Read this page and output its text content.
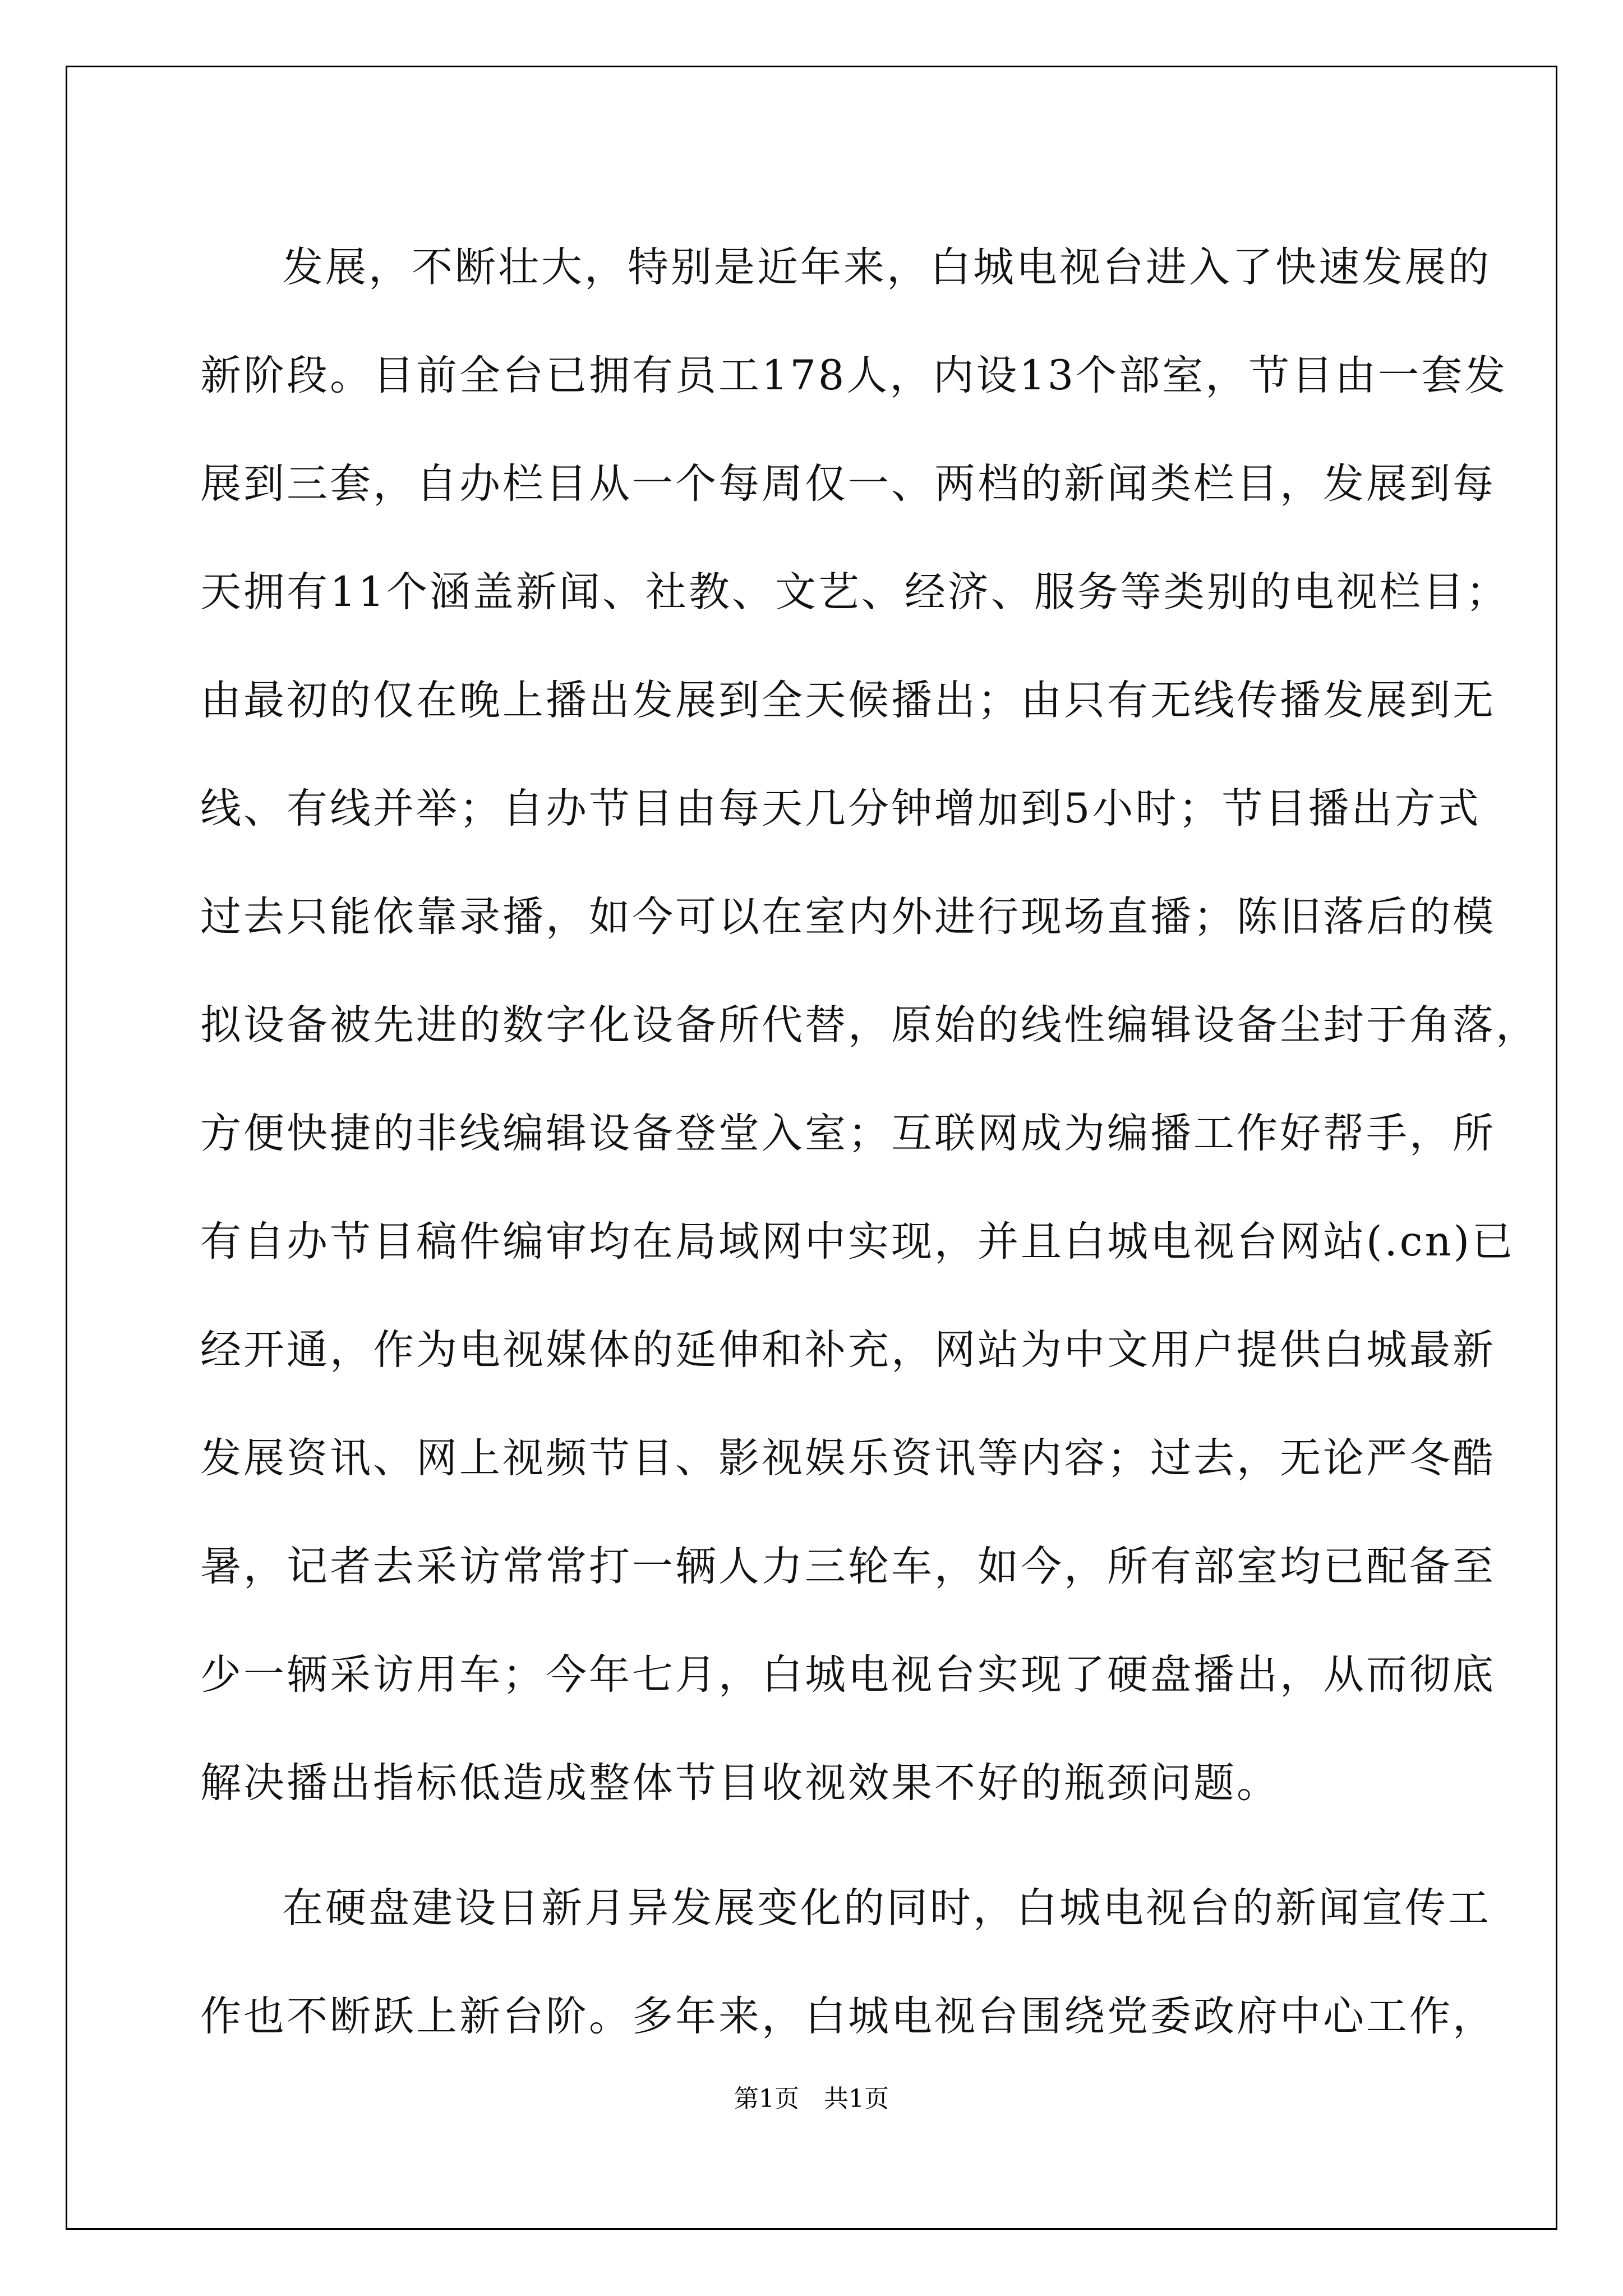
发展，不断壮大，特别是近年来，白城电视台进入了快速发展的
新阶段。目前全台已拥有员工178人，内设13个部室，节目由一套发
展到三套，自办栏目从一个每周仅一、两档的新闻类栏目，发展到每
天拥有11个涵盖新闻、社教、文艺、经济、服务等类别的电视栏目；
由最初的仅在晚上播出发展到全天候播出；由只有无线传播发展到无
线、有线并举；自办节目由每天几分钟增加到5小时；节目播出方式
过去只能依靠录播，如今可以在室内外进行现场直播；陈旧落后的模
拟设备被先进的数字化设备所代替，原始的线性编辑设备尘封于角落，
方便快捷的非线编辑设备登堂入室；互联网成为编播工作好帮手，所
有自办节目稿件编审均在局域网中实现，并且白城电视台网站(.cn)已
经开通，作为电视媒体的延伸和补充，网站为中文用户提供白城最新
发展资讯、网上视频节目、影视娱乐资讯等内容；过去，无论严冬酷
暑，记者去采访常常打一辆人力三轮车，如今，所有部室均已配备至
少一辆采访用车；今年七月，白城电视台实现了硬盘播出，从而彻底
解决播出指标低造成整体节目收视效果不好的瓶颈问题。
在硬盘建设日新月异发展变化的同时，白城电视台的新闻宣传工
作也不断跃上新台阶。多年来，白城电视台围绕党委政府中心工作，
第1页 共1页
